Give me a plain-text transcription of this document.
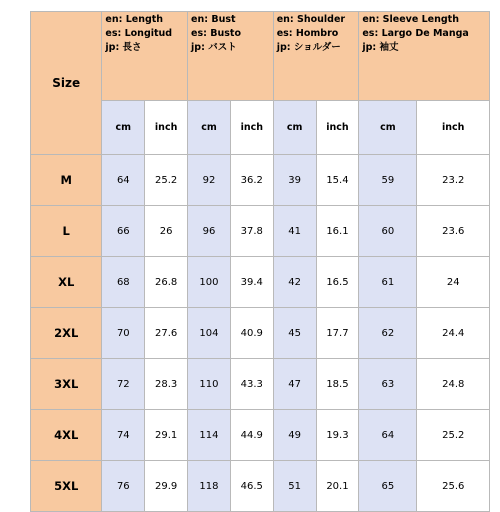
Size	en: Length
es: Longitud
jp: 長さ		en: Bust
es: Busto
jp: バスト		en: Shoulder
es: Hombro
jp: ショルダー		en: Sleeve Length
es: Largo De Manga
jp: 袖丈	

	cm	inch	cm	inch	cm	inch	cm	inch
M	64	25.2	92	36.2	39	15.4	59	23.2
L	66	26	96	37.8	41	16.1	60	23.6
XL	68	26.8	100	39.4	42	16.5	61	24
2XL	70	27.6	104	40.9	45	17.7	62	24.4
3XL	72	28.3	110	43.3	47	18.5	63	24.8
4XL	74	29.1	114	44.9	49	19.3	64	25.2
5XL	76	29.9	118	46.5	51	20.1	65	25.6
